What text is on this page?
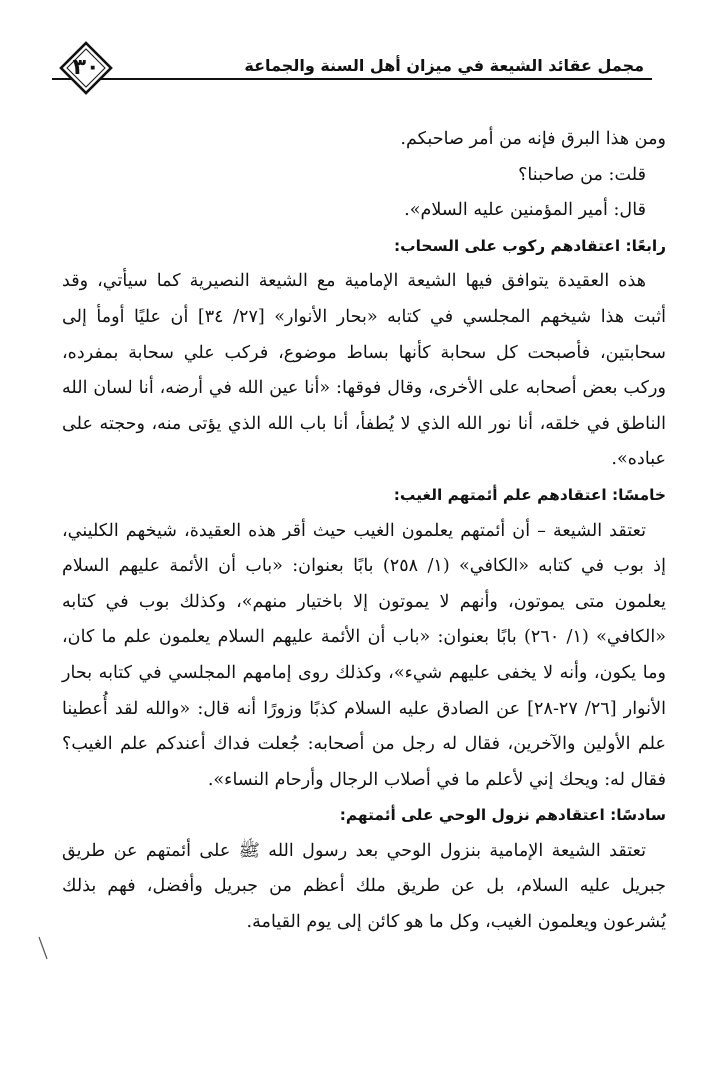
٣٠	مجمل عقائد الشيعة في ميزان أهل السنة والجماعة

ومن هذا البرق فإنه من أمر صاحبكم.

قلت: من صاحبنا؟

قال: أمير المؤمنين عليه السلام».

رابعًا: اعتقادهم ركوب على السحاب:

هذه العقيدة يتوافق فيها الشيعة الإمامية مع الشيعة النصيرية كما سيأتي، وقد أثبت هذا شيخهم المجلسي في كتابه «بحار الأنوار» [٢٧/ ٣٤] أن عليًا أومأ إلى سحابتين، فأصبحت كل سحابة كأنها بساط موضوع، فركب علي سحابة بمفرده، وركب بعض أصحابه على الأخرى، وقال فوقها: «أنا عين الله في أرضه، أنا لسان الله الناطق في خلقه، أنا نور الله الذي لا يُطفأ، أنا باب الله الذي يؤتى منه، وحجته على عباده».

خامسًا: اعتقادهم علم أئمتهم الغيب:

تعتقد الشيعة – أن أئمتهم يعلمون الغيب حيث أقر هذه العقيدة، شيخهم الكليني، إذ بوب في كتابه «الكافي» (١/ ٢٥٨) بابًا بعنوان: «باب أن الأئمة عليهم السلام يعلمون متى يموتون، وأنهم لا يموتون إلا باختيار منهم»، وكذلك بوب في كتابه «الكافي» (١/ ٢٦٠) بابًا بعنوان: «باب أن الأئمة عليهم السلام يعلمون علم ما كان، وما يكون، وأنه لا يخفى عليهم شيء»، وكذلك روى إمامهم المجلسي في كتابه بحار الأنوار [٢٦/ ٢٧-٢٨] عن الصادق عليه السلام كذبًا وزورًا أنه قال: «والله لقد أُعطينا علم الأولين والآخرين، فقال له رجل من أصحابه: جُعلت فداك أعندكم علم الغيب؟ فقال له: ويحك إني لأعلم ما في أصلاب الرجال وأرحام النساء».

سادسًا: اعتقادهم نزول الوحي على أئمتهم:

تعتقد الشيعة الإمامية بنزول الوحي بعد رسول الله ﷺ على أئمتهم عن طريق جبريل عليه السلام، بل عن طريق ملك أعظم من جبريل وأفضل، فهم بذلك يُشرعون ويعلمون الغيب، وكل ما هو كائن إلى يوم القيامة.
